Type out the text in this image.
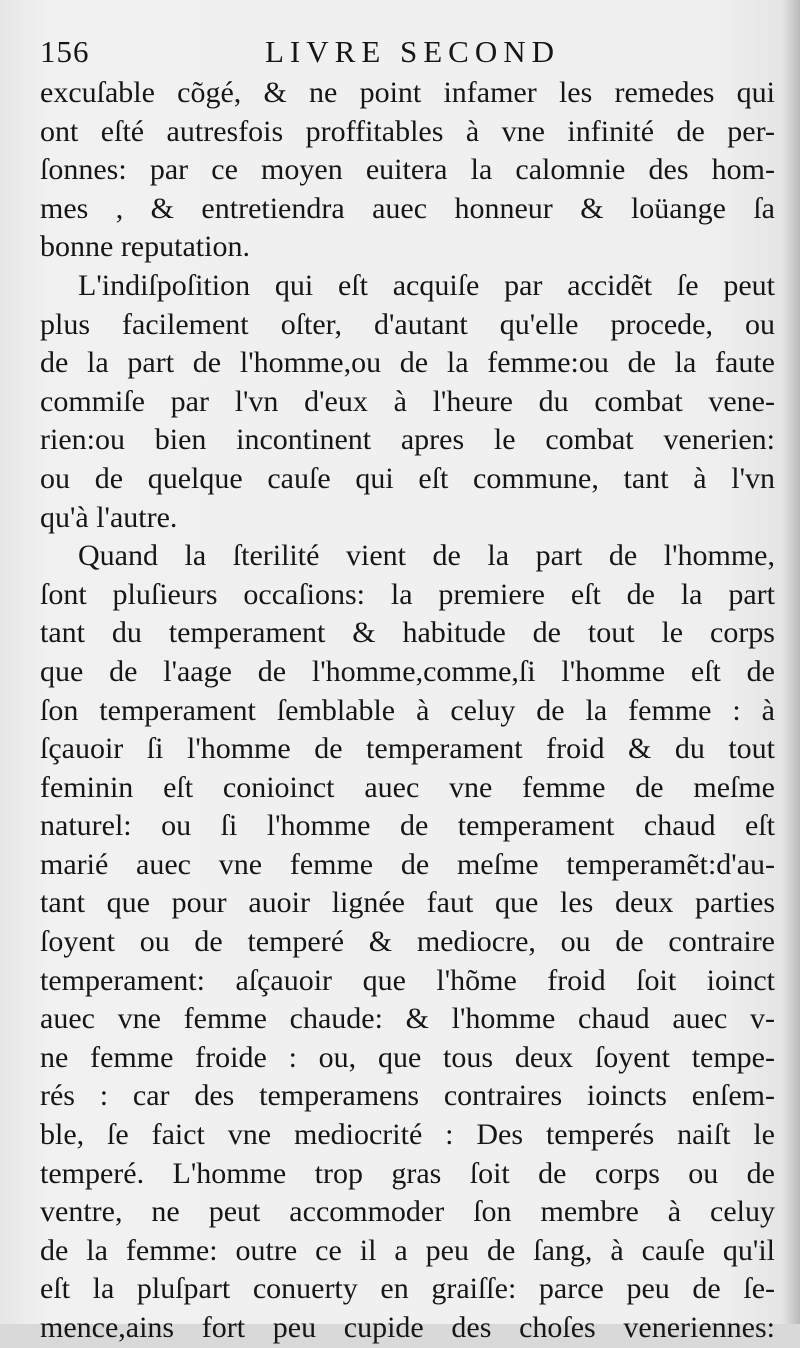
156	LIVRE SECOND
excuſable cõgé, & ne point infamer les remedes qui
ont eſté autresfois proffitables à vne infinité de per-
ſonnes: par ce moyen euitera la calomnie des hom-
mes , & entretiendra auec honneur & loüange ſa
bonne reputation.
L'indiſpoſition qui eſt acquiſe par accidẽt ſe peut
plus facilement oſter, d'autant qu'elle procede, ou
de la part de l'homme,ou de la femme:ou de la faute
commiſe par l'vn d'eux à l'heure du combat vene-
rien:ou bien incontinent apres le combat venerien:
ou de quelque cauſe qui eſt commune, tant à l'vn
qu'à l'autre.
Quand la ſterilité vient de la part de l'homme,
ſont pluſieurs occaſions: la premiere eſt de la part
tant du temperament & habitude de tout le corps
que de l'aage de l'homme,comme,ſi l'homme eſt de
ſon temperament ſemblable à celuy de la femme : à
ſçauoir ſi l'homme de temperament froid & du tout
feminin eſt conioinct auec vne femme de meſme
naturel: ou ſi l'homme de temperament chaud eſt
marié auec vne femme de meſme temperamẽt:d'au-
tant que pour auoir lignée faut que les deux parties
ſoyent ou de temperé & mediocre, ou de contraire
temperament: aſçauoir que l'hõme froid ſoit ioinct
auec vne femme chaude: & l'homme chaud auec v-
ne femme froide : ou, que tous deux ſoyent tempe-
rés : car des temperamens contraires ioincts enſem-
ble, ſe faict vne mediocrité : Des temperés naiſt le
temperé. L'homme trop gras ſoit de corps ou de
ventre, ne peut accommoder ſon membre à celuy
de la femme: outre ce il a peu de ſang, à cauſe qu'il
eſt la pluſpart conuerty en graiſſe: parce peu de ſe-
mence,ains fort peu cupide des choſes veneriennes:
